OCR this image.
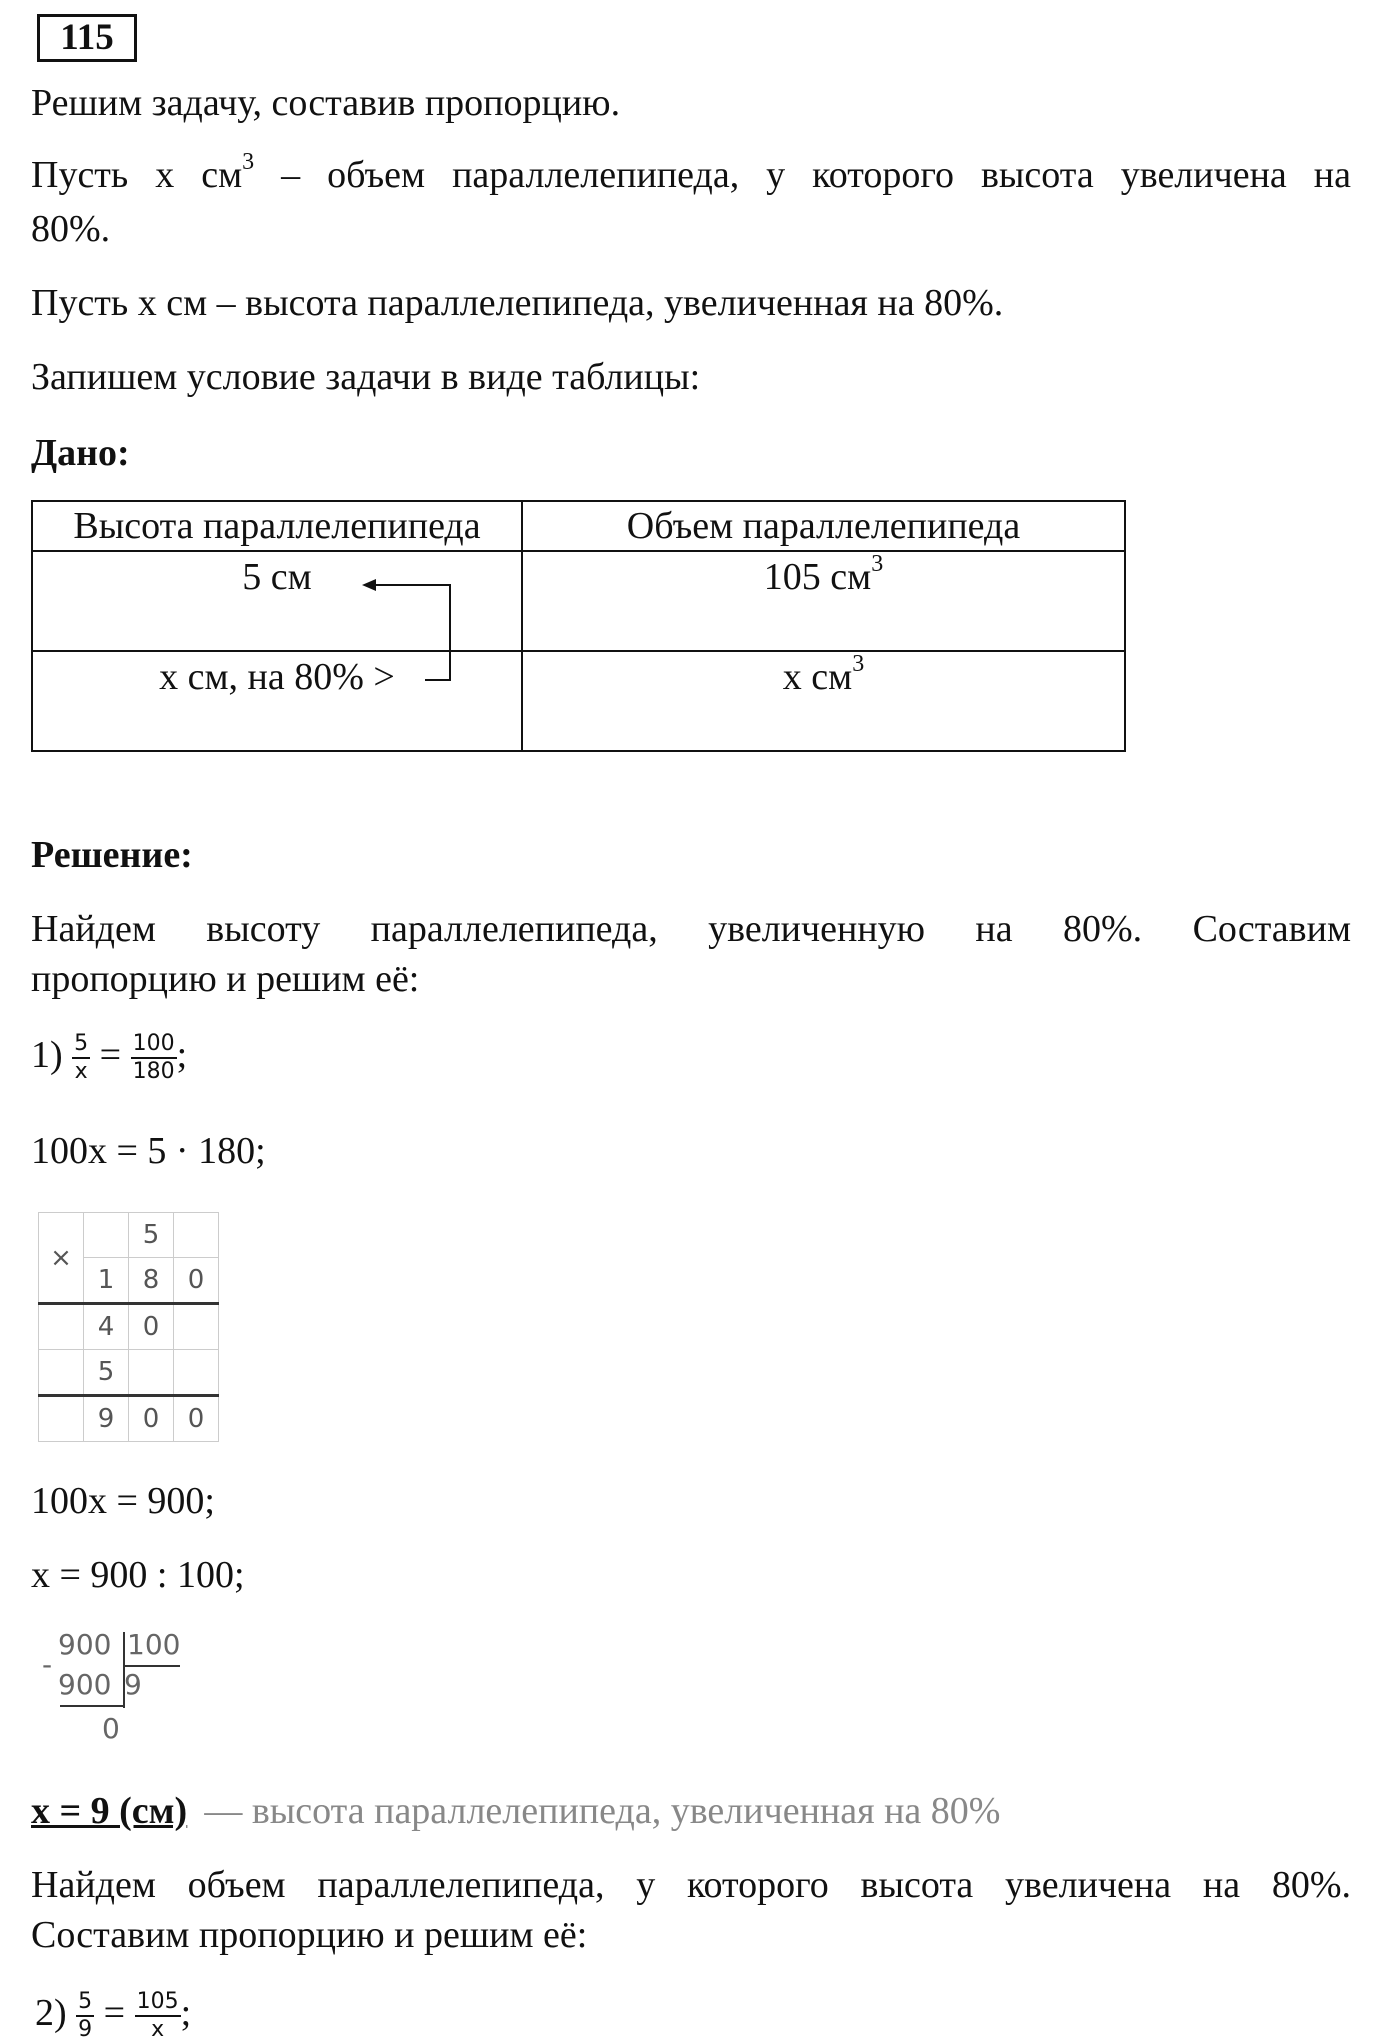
115
Решим задачу, составив пропорцию.
Пусть x $см^3$ – объем параллелепипеда, у которого высота увеличена на
80%.
Пусть x см – высота параллелепипеда, увеличенная на 80%.
Запишем условие задачи в виде таблицы:
Дано:
Высота параллелепипеда	Объем параллелепипеда
5 см	105 $см^3$
x см, на 80% >	x $см^3$
Решение:
Найдем высоту параллелепипеда, увеличенную на 80%. Составим
пропорцию и решим её:
$1) \frac{5}{x} = \frac{100}{180}$ ;
100x = 5 · 180;
×		5	
	1	8	0
	4	0	
	5		
	9	0	0
100x = 900;
x = 900 : 100;
900 100
-
900 9
0
x = 9 (см)  — высота параллелепипеда, увеличенная на 80%
Найдем объем параллелепипеда, у которого высота увеличена на 80%.
Составим пропорцию и решим её:
$2) \frac{5}{9} = \frac{105}{x}$ ;
